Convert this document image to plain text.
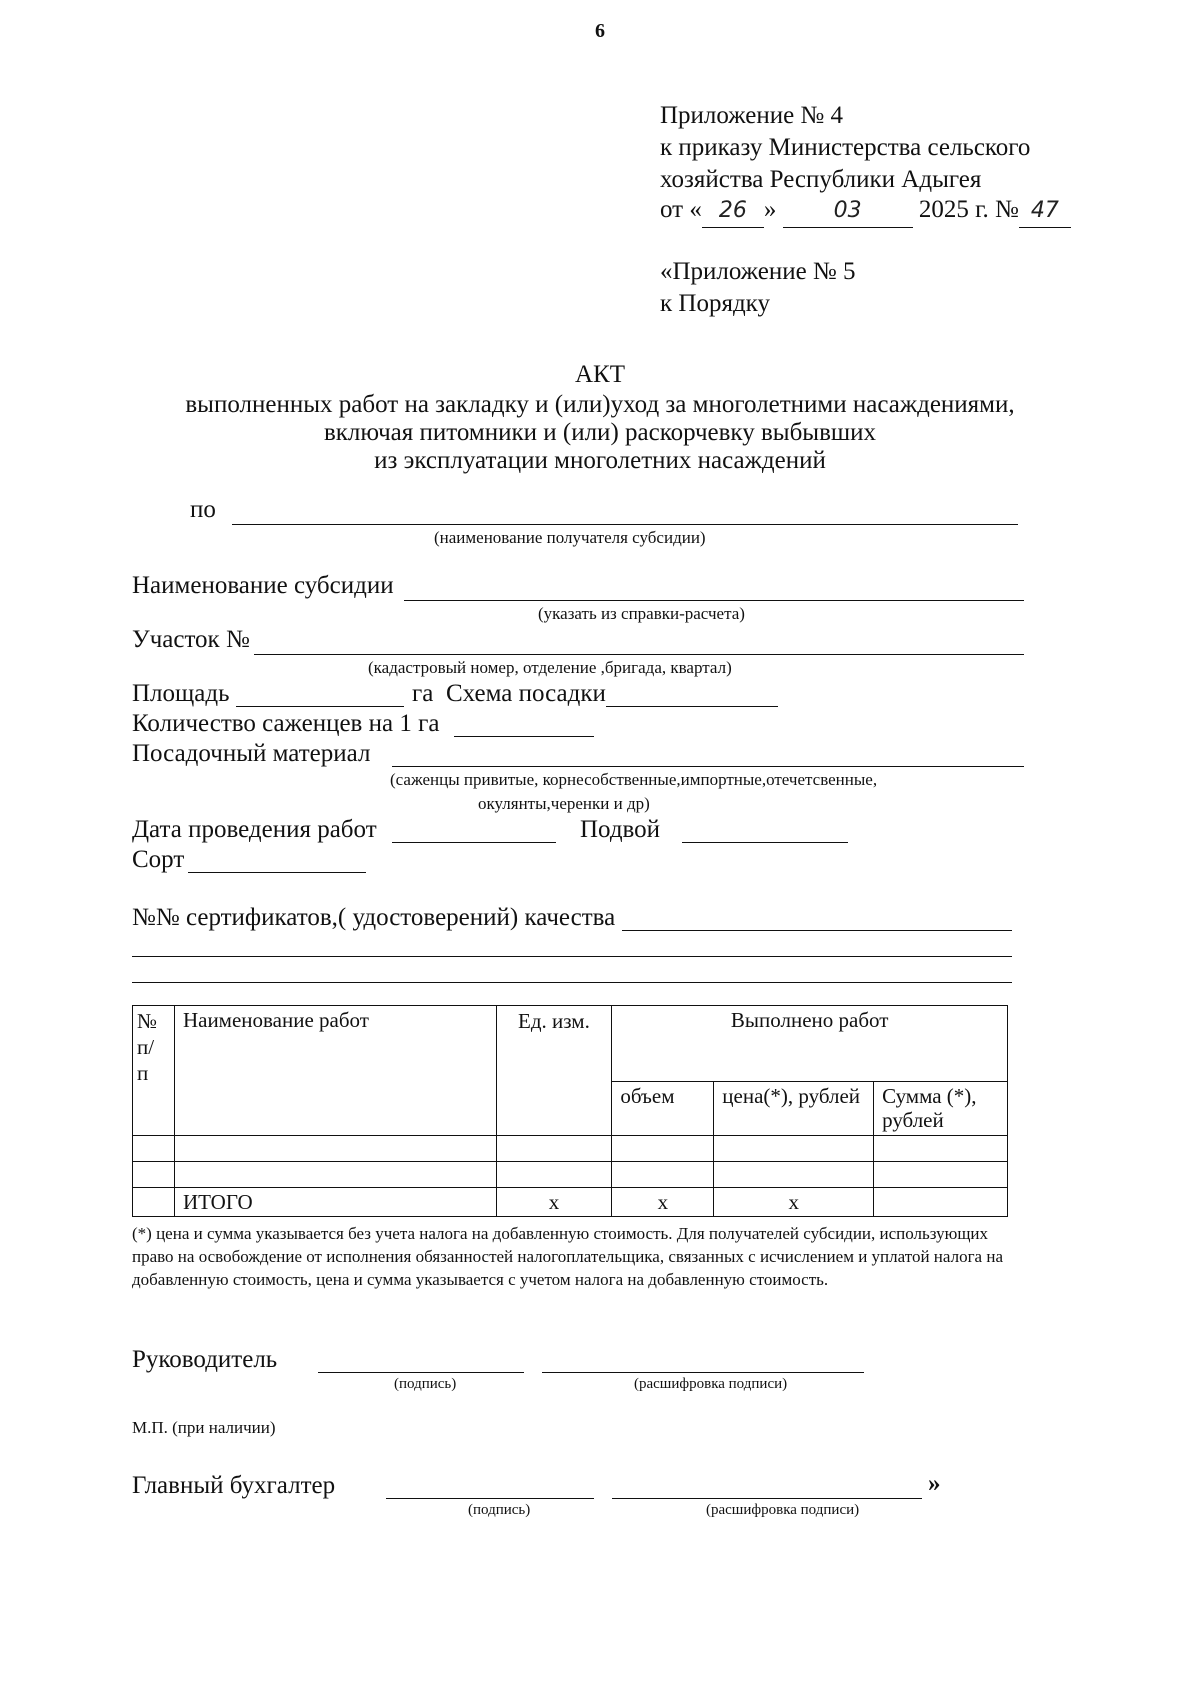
6
Приложение № 4
к приказу Министерства сельского
хозяйства Республики Адыгея
от « 26 »	03 2025 г. № 47
«Приложение № 5
к Порядку
АКТ
выполненных работ на закладку и (или)уход за многолетними насаждениями,
включая питомники и (или) раскорчевку выбывших
из эксплуатации многолетних насаждений
по
(наименование получателя субсидии)
Наименование субсидии
(указать из справки-расчета)
Участок №
(кадастровый номер, отделение ,бригада, квартал)
Площадь	га Схема посадки
Количество саженцев на 1 га
Посадочный материал
(саженцы привитые, корнесобственные,импортные,отечетсвенные,
окулянты,черенки и др)
Дата проведения работ	Подвой
Сорт
№№ сертификатов,( удостоверений) качества
№ п/ п	Наименование работ	Ед. изм.	Выполнено работ		
			объем	цена(*), рублей	Сумма (*), рублей

	ИТОГО	х	х	х	
(*) цена и сумма указывается без учета налога на добавленную стоимость. Для получателей субсидии, использующих право на освобождение от исполнения обязанностей налогоплательщика, связанных с исчислением и уплатой налога на добавленную стоимость, цена и сумма указывается с учетом налога на добавленную стоимость.
Руководитель
(подпись)	(расшифровка подписи)
М.П. (при наличии)
Главный бухгалтер	»
(подпись)	(расшифровка подписи)
